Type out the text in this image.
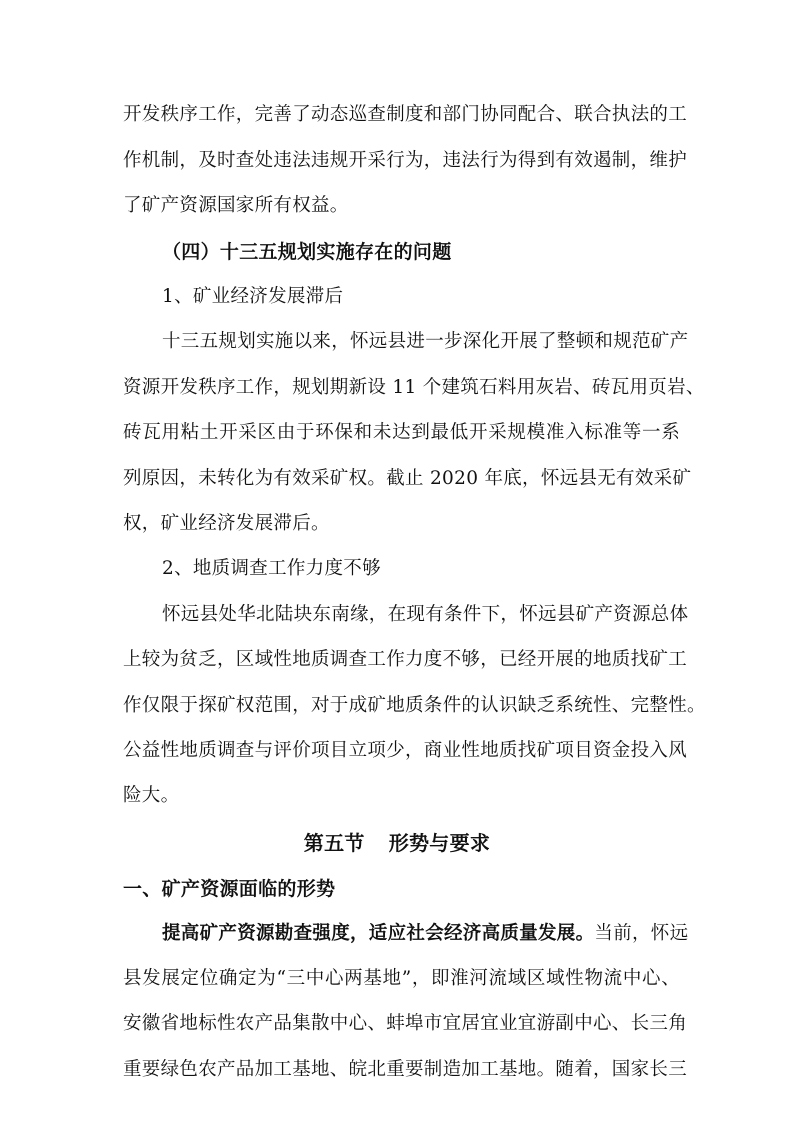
开发秩序工作，完善了动态巡查制度和部门协同配合、联合执法的工
作机制，及时查处违法违规开采行为，违法行为得到有效遏制，维护
了矿产资源国家所有权益。
（四）十三五规划实施存在的问题
1、矿业经济发展滞后
十三五规划实施以来，怀远县进一步深化开展了整顿和规范矿产
资源开发秩序工作，规划期新设 11 个建筑石料用灰岩、砖瓦用页岩、
砖瓦用粘土开采区由于环保和未达到最低开采规模准入标准等一系
列原因，未转化为有效采矿权。截止 2020 年底，怀远县无有效采矿
权，矿业经济发展滞后。
2、地质调查工作力度不够
怀远县处华北陆块东南缘，在现有条件下，怀远县矿产资源总体
上较为贫乏，区域性地质调查工作力度不够，已经开展的地质找矿工
作仅限于探矿权范围，对于成矿地质条件的认识缺乏系统性、完整性。
公益性地质调查与评价项目立项少，商业性地质找矿项目资金投入风
险大。
第五节 形势与要求
一、矿产资源面临的形势
提高矿产资源勘查强度，适应社会经济高质量发展。当前，怀远
县发展定位确定为“三中心两基地”，即淮河流域区域性物流中心、
安徽省地标性农产品集散中心、蚌埠市宜居宜业宜游副中心、长三角
重要绿色农产品加工基地、皖北重要制造加工基地。随着，国家长三
